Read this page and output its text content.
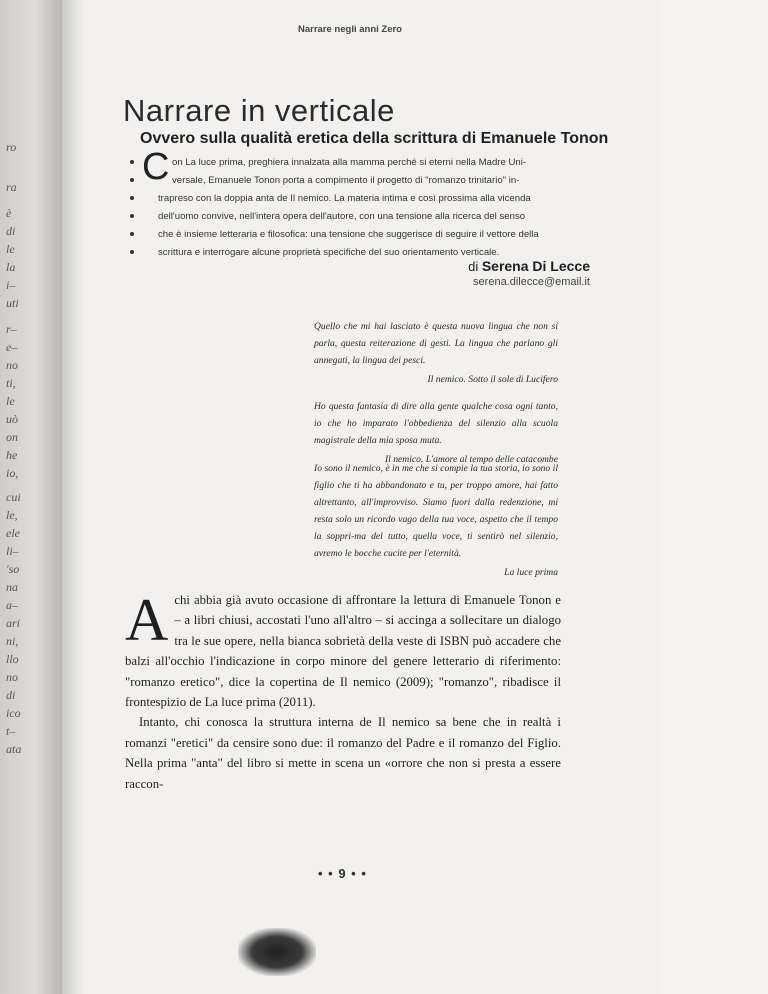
ro
ra
è
di
le
la
i–
uti
r–
e–
no
ti,
le
uò
on
he
io,
cui
le,
ele
li–
'so
na
a–
ari
ni,
llo
no
di
ico
t–
ata
Narrare negli anni Zero
Narrare in verticale
Ovvero sulla qualità eretica della scrittura di Emanuele Tonon
C on La luce prima, preghiera innalzata alla mamma perché si eterni nella Madre Uni-
versale, Emanuele Tonon porta a compimento il progetto di "romanzo trinitario" in-
trapreso con la doppia anta de Il nemico. La materia intima e così prossima alla vicenda
dell'uomo convive, nell'intera opera dell'autore, con una tensione alla ricerca del senso
che è insieme letteraria e filosofica: una tensione che suggerisce di seguire il vettore della
scrittura e interrogare alcune proprietà specifiche del suo orientamento verticale.
di Serena Di Lecce
serena.dilecce@email.it

Quello che mi hai lasciato è questa nuova lingua che non si parla, questa reiterazione di gesti. La lingua che parlano gli annegati, la lingua dei pesci.

Il nemico. Sotto il sole di Lucifero

Ho questa fantasia di dire alla gente qualche cosa ogni tanto, io che ho imparato l'obbedienza del silenzio alla scuola magistrale della mia sposa muta.

Il nemico. L'amore al tempo delle catacombe

Io sono il nemico, è in me che si compie la tua storia, io sono il figlio che ti ha abbandonato e tu, per troppo amore, hai fatto altrettanto, all'improvviso. Siamo fuori dalla redenzione, mi resta solo un ricordo vago della tua voce, aspetto che il tempo la soppri-ma del tutto, quella voce, ti sentirò nel silenzio, avremo le bocche cucite per l'eternità.

La luce prima

A chi abbia già avuto occasione di affrontare la lettura di Emanuele Tonon e – a libri chiusi, accostati l'uno all'altro – si accinga a sollecitare un dialogo tra le sue opere, nella bianca sobrietà della veste di ISBN può accadere che balzi all'occhio l'indicazione in corpo minore del genere letterario di riferimento: "romanzo eretico", dice la copertina de Il nemico (2009); "romanzo", ribadisce il frontespizio de La luce prima (2011).

Intanto, chi conosca la struttura interna de Il nemico sa bene che in realtà i romanzi "eretici" da censire sono due: il romanzo del Padre e il romanzo del Figlio. Nella prima "anta" del libro si mette in scena un «orrore che non si presta a essere raccon-

• • 9 • •
